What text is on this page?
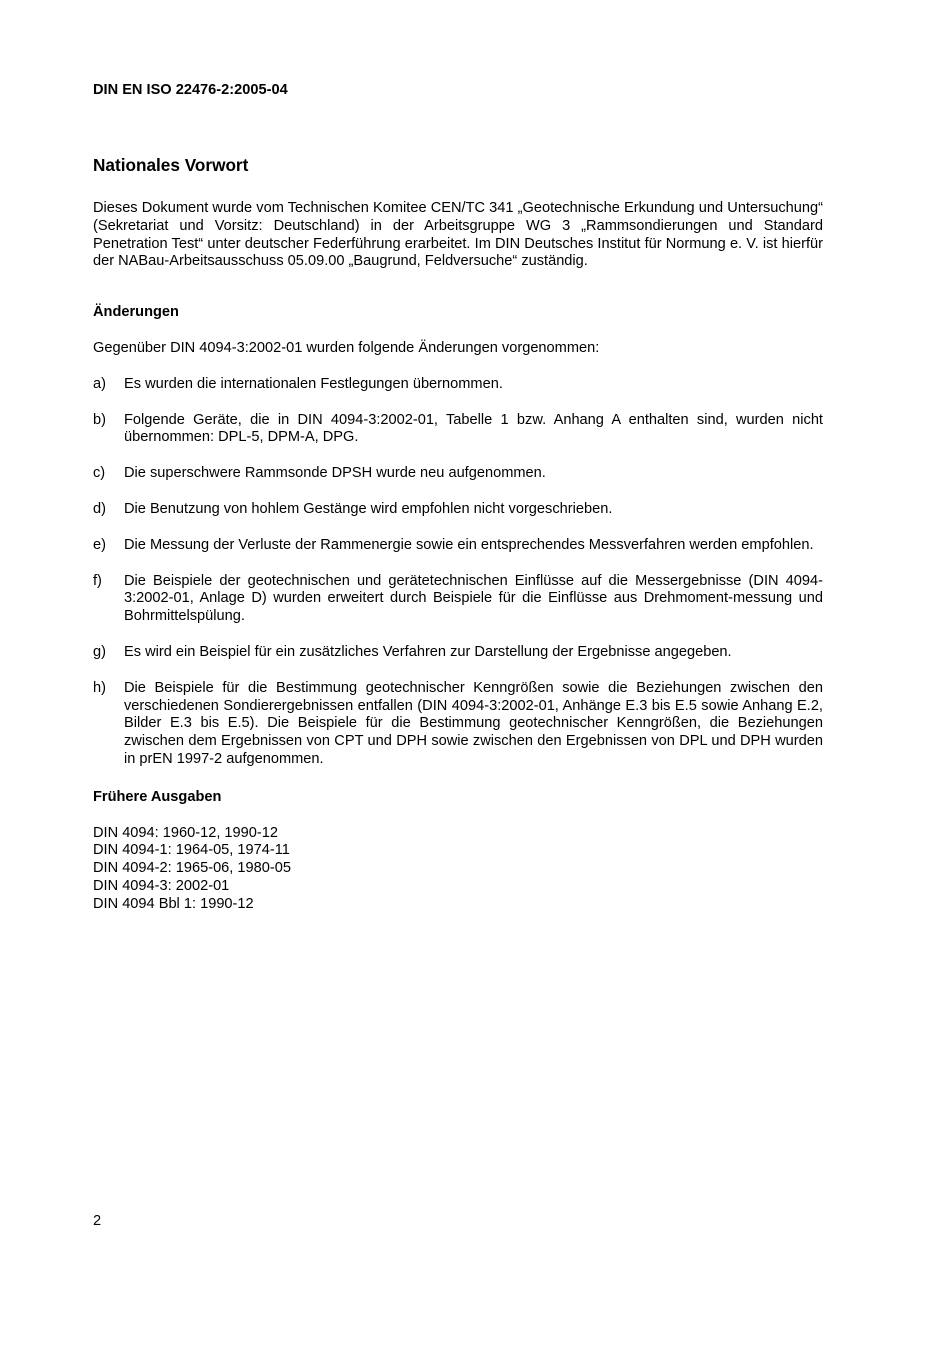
DIN EN ISO 22476-2:2005-04

Nationales Vorwort

Dieses Dokument wurde vom Technischen Komitee CEN/TC 341 „Geotechnische Erkundung und Untersuchung“ (Sekretariat und Vorsitz: Deutschland) in der Arbeitsgruppe WG 3 „Rammsondierungen und Standard Penetration Test“ unter deutscher Federführung erarbeitet. Im DIN Deutsches Institut für Normung e. V. ist hierfür der NABau-Arbeitsausschuss 05.09.00 „Baugrund, Feldversuche“ zuständig.

Änderungen

Gegenüber DIN 4094-3:2002-01 wurden folgende Änderungen vorgenommen:

a)	Es wurden die internationalen Festlegungen übernommen.
b)	Folgende Geräte, die in DIN 4094-3:2002-01, Tabelle 1 bzw. Anhang A enthalten sind, wurden nicht übernommen: DPL-5, DPM-A, DPG.
c)	Die superschwere Rammsonde DPSH wurde neu aufgenommen.
d)	Die Benutzung von hohlem Gestänge wird empfohlen nicht vorgeschrieben.
e)	Die Messung der Verluste der Rammenergie sowie ein entsprechendes Messverfahren werden empfohlen.
f)	Die Beispiele der geotechnischen und gerätetechnischen Einflüsse auf die Messergebnisse (DIN 4094-3:2002-01, Anlage D) wurden erweitert durch Beispiele für die Einflüsse aus Drehmoment-messung und Bohrmittelspülung.
g)	Es wird ein Beispiel für ein zusätzliches Verfahren zur Darstellung der Ergebnisse angegeben.
h)	Die Beispiele für die Bestimmung geotechnischer Kenngrößen sowie die Beziehungen zwischen den verschiedenen Sondierergebnissen entfallen (DIN 4094-3:2002-01, Anhänge E.3 bis E.5 sowie Anhang E.2, Bilder E.3 bis E.5). Die Beispiele für die Bestimmung geotechnischer Kenngrößen, die Beziehungen zwischen dem Ergebnissen von CPT und DPH sowie zwischen den Ergebnissen von DPL und DPH wurden in prEN 1997-2 aufgenommen.

Frühere Ausgaben

DIN 4094: 1960-12, 1990-12
DIN 4094-1: 1964-05, 1974-11
DIN 4094-2: 1965-06, 1980-05
DIN 4094-3: 2002-01
DIN 4094 Bbl 1: 1990-12

2
